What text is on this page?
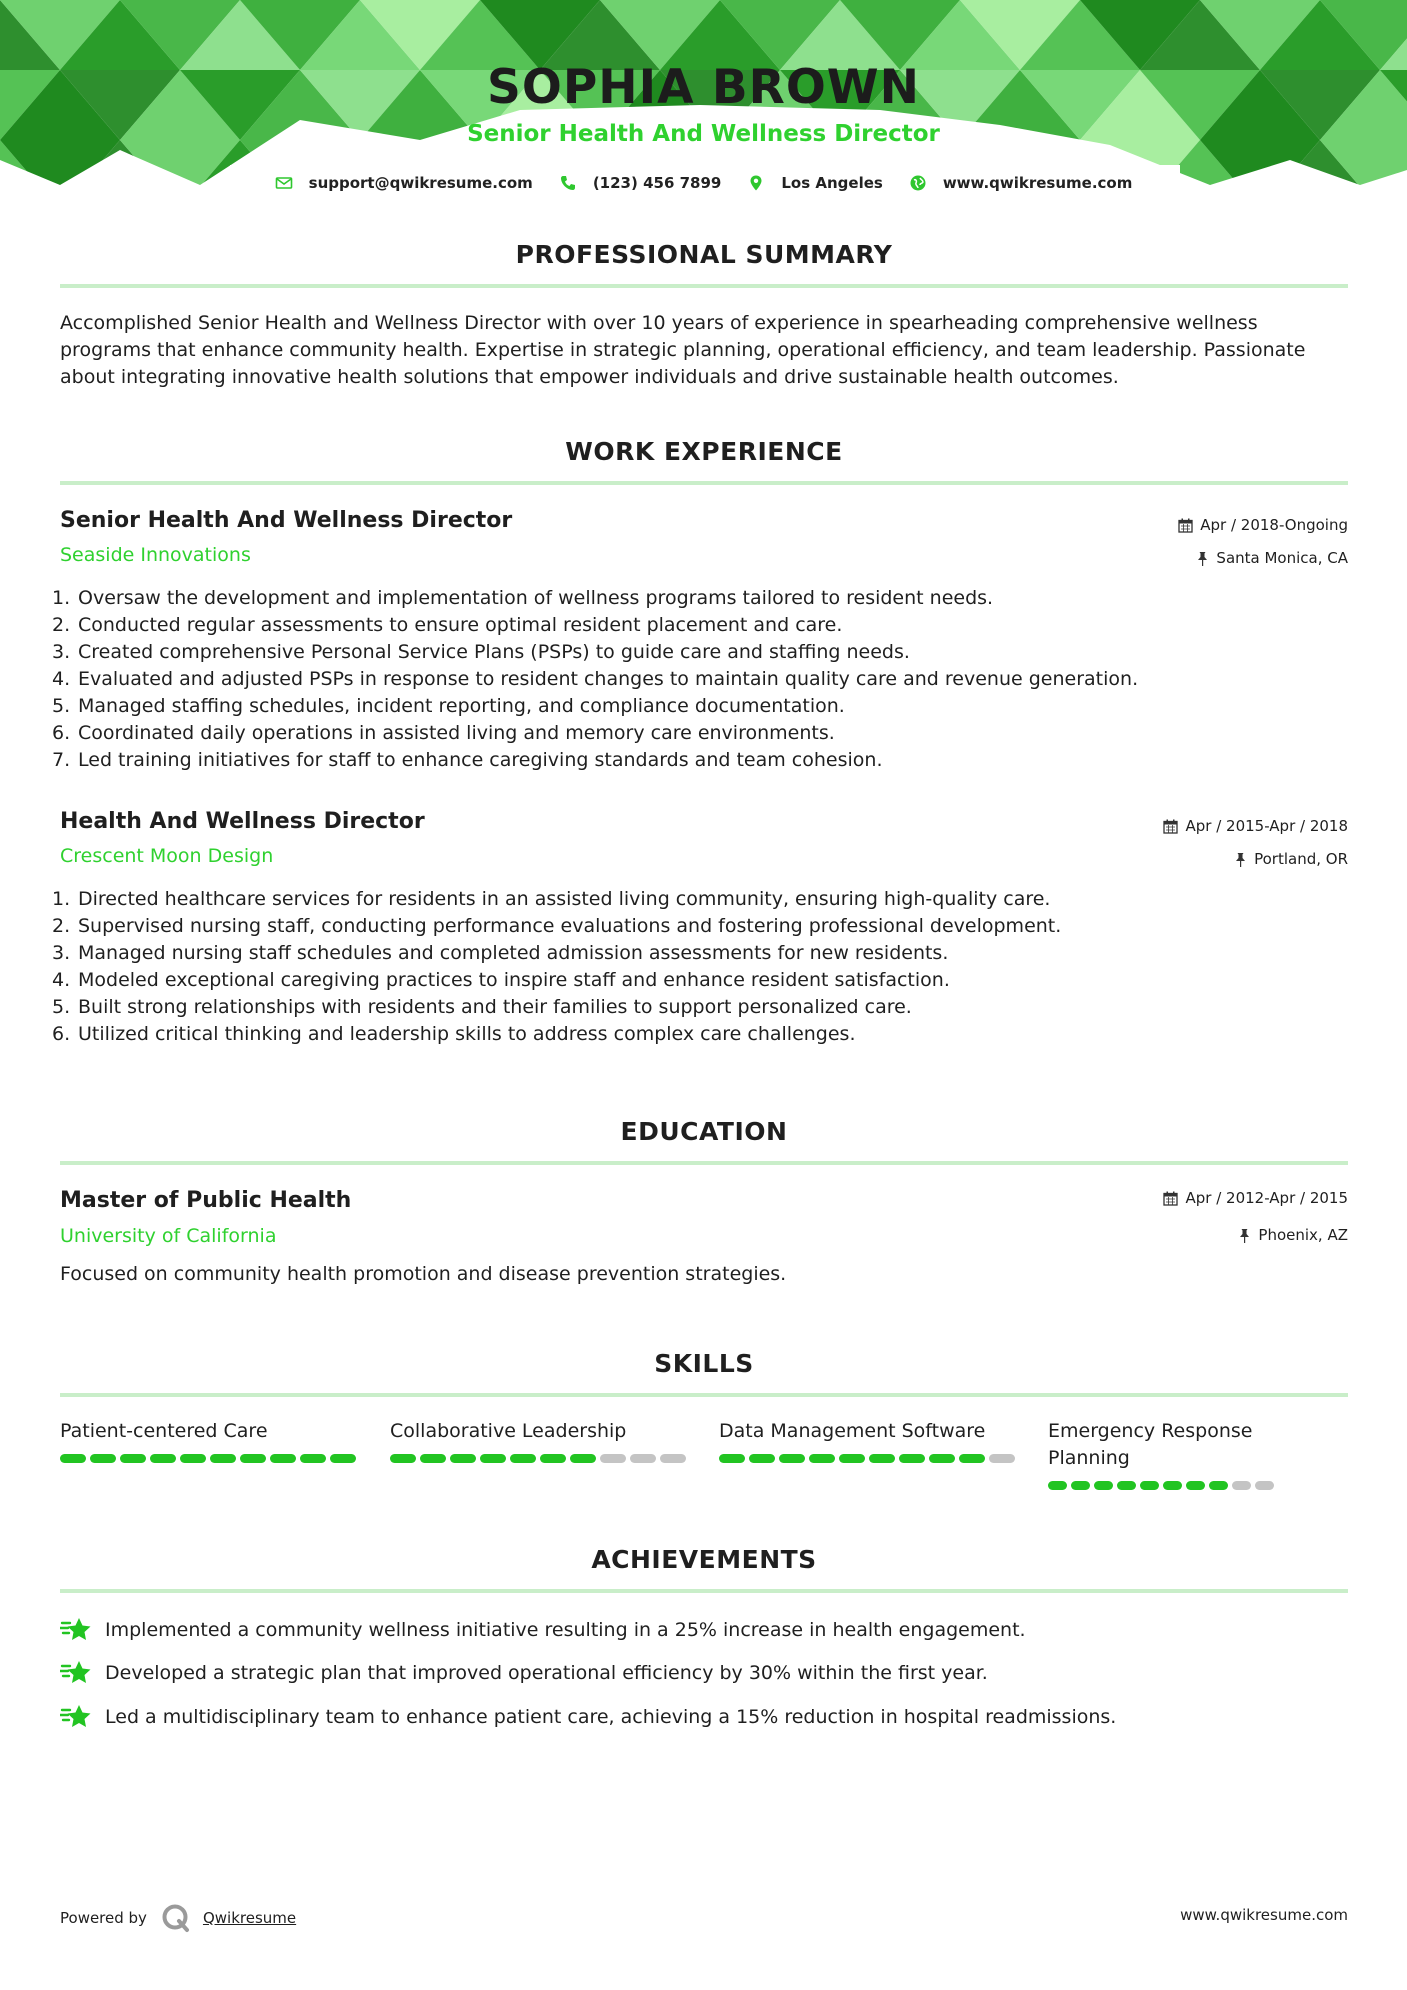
SOPHIA BROWN
Senior Health And Wellness Director
support@qwikresume.com	(123) 456 7899	Los Angeles	www.qwikresume.com
PROFESSIONAL SUMMARY
Accomplished Senior Health and Wellness Director with over 10 years of experience in spearheading comprehensive wellness programs that enhance community health. Expertise in strategic planning, operational efficiency, and team leadership. Passionate about integrating innovative health solutions that empower individuals and drive sustainable health outcomes.
WORK EXPERIENCE
Senior Health And Wellness Director
Seaside Innovations
Apr / 2018-Ongoing
Santa Monica, CA
1. Oversaw the development and implementation of wellness programs tailored to resident needs.
2. Conducted regular assessments to ensure optimal resident placement and care.
3. Created comprehensive Personal Service Plans (PSPs) to guide care and staffing needs.
4. Evaluated and adjusted PSPs in response to resident changes to maintain quality care and revenue generation.
5. Managed staffing schedules, incident reporting, and compliance documentation.
6. Coordinated daily operations in assisted living and memory care environments.
7. Led training initiatives for staff to enhance caregiving standards and team cohesion.
Health And Wellness Director
Crescent Moon Design
Apr / 2015-Apr / 2018
Portland, OR
1. Directed healthcare services for residents in an assisted living community, ensuring high-quality care.
2. Supervised nursing staff, conducting performance evaluations and fostering professional development.
3. Managed nursing staff schedules and completed admission assessments for new residents.
4. Modeled exceptional caregiving practices to inspire staff and enhance resident satisfaction.
5. Built strong relationships with residents and their families to support personalized care.
6. Utilized critical thinking and leadership skills to address complex care challenges.
EDUCATION
Master of Public Health
University of California
Apr / 2012-Apr / 2015
Phoenix, AZ
Focused on community health promotion and disease prevention strategies.
SKILLS
Patient-centered Care	Collaborative Leadership	Data Management Software	Emergency Response Planning
ACHIEVEMENTS
Implemented a community wellness initiative resulting in a 25% increase in health engagement.
Developed a strategic plan that improved operational efficiency by 30% within the first year.
Led a multidisciplinary team to enhance patient care, achieving a 15% reduction in hospital readmissions.
Powered by	Qwikresume	www.qwikresume.com
